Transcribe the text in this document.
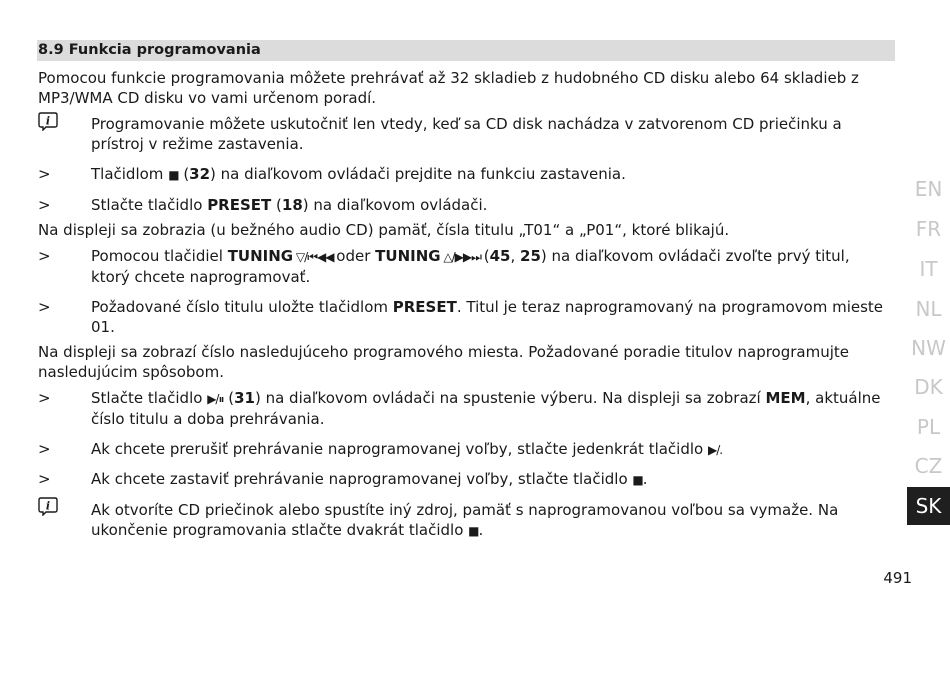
8.9 Funkcia programovania

Pomocou funkcie programovania môžete prehrávať až 32 skladieb z hudobného CD disku alebo 64 skladieb z MP3/WMA CD disku vo vami určenom poradí.

i	Programovanie môžete uskutočniť len vtedy, keď sa CD disk nachádza v zatvorenom CD priečinku a prístroj v režime zastavenia.

>	Tlačidlom ■ (32) na diaľkovom ovládači prejdite na funkciu zastavenia.
>	Stlačte tlačidlo PRESET (18) na diaľkovom ovládači.

Na displeji sa zobrazia (u bežného audio CD) pamäť, čísla titulu „T01“ a „P01“, ktoré blikajú.

>	Pomocou tlačidiel TUNING ▽/⏮◀◀ oder TUNING △/▶▶⏭ (45, 25) na diaľkovom ovládači zvoľte prvý titul, ktorý chcete naprogramovať.
>	Požadované číslo titulu uložte tlačidlom PRESET. Titul je teraz naprogramovaný na programovom mieste 01.

Na displeji sa zobrazí číslo nasledujúceho programového miesta. Požadované poradie titulov naprogramujte nasledujúcim spôsobom.

>	Stlačte tlačidlo ▶/⏸ (31) na diaľkovom ovládači na spustenie výberu. Na displeji sa zobrazí MEM, aktuálne číslo titulu a doba prehrávania.
>	Ak chcete prerušiť prehrávanie naprogramovanej voľby, stlačte jedenkrát tlačidlo ▶/.
>	Ak chcete zastaviť prehrávanie naprogramovanej voľby, stlačte tlačidlo ■.
i	Ak otvoríte CD priečinok alebo spustíte iný zdroj, pamäť s naprogramovanou voľbou sa vymaže. Na ukončenie programovania stlačte dvakrát tlačidlo ■.

EN
FR
IT
NL
NW
DK
PL
CZ
SK
491
